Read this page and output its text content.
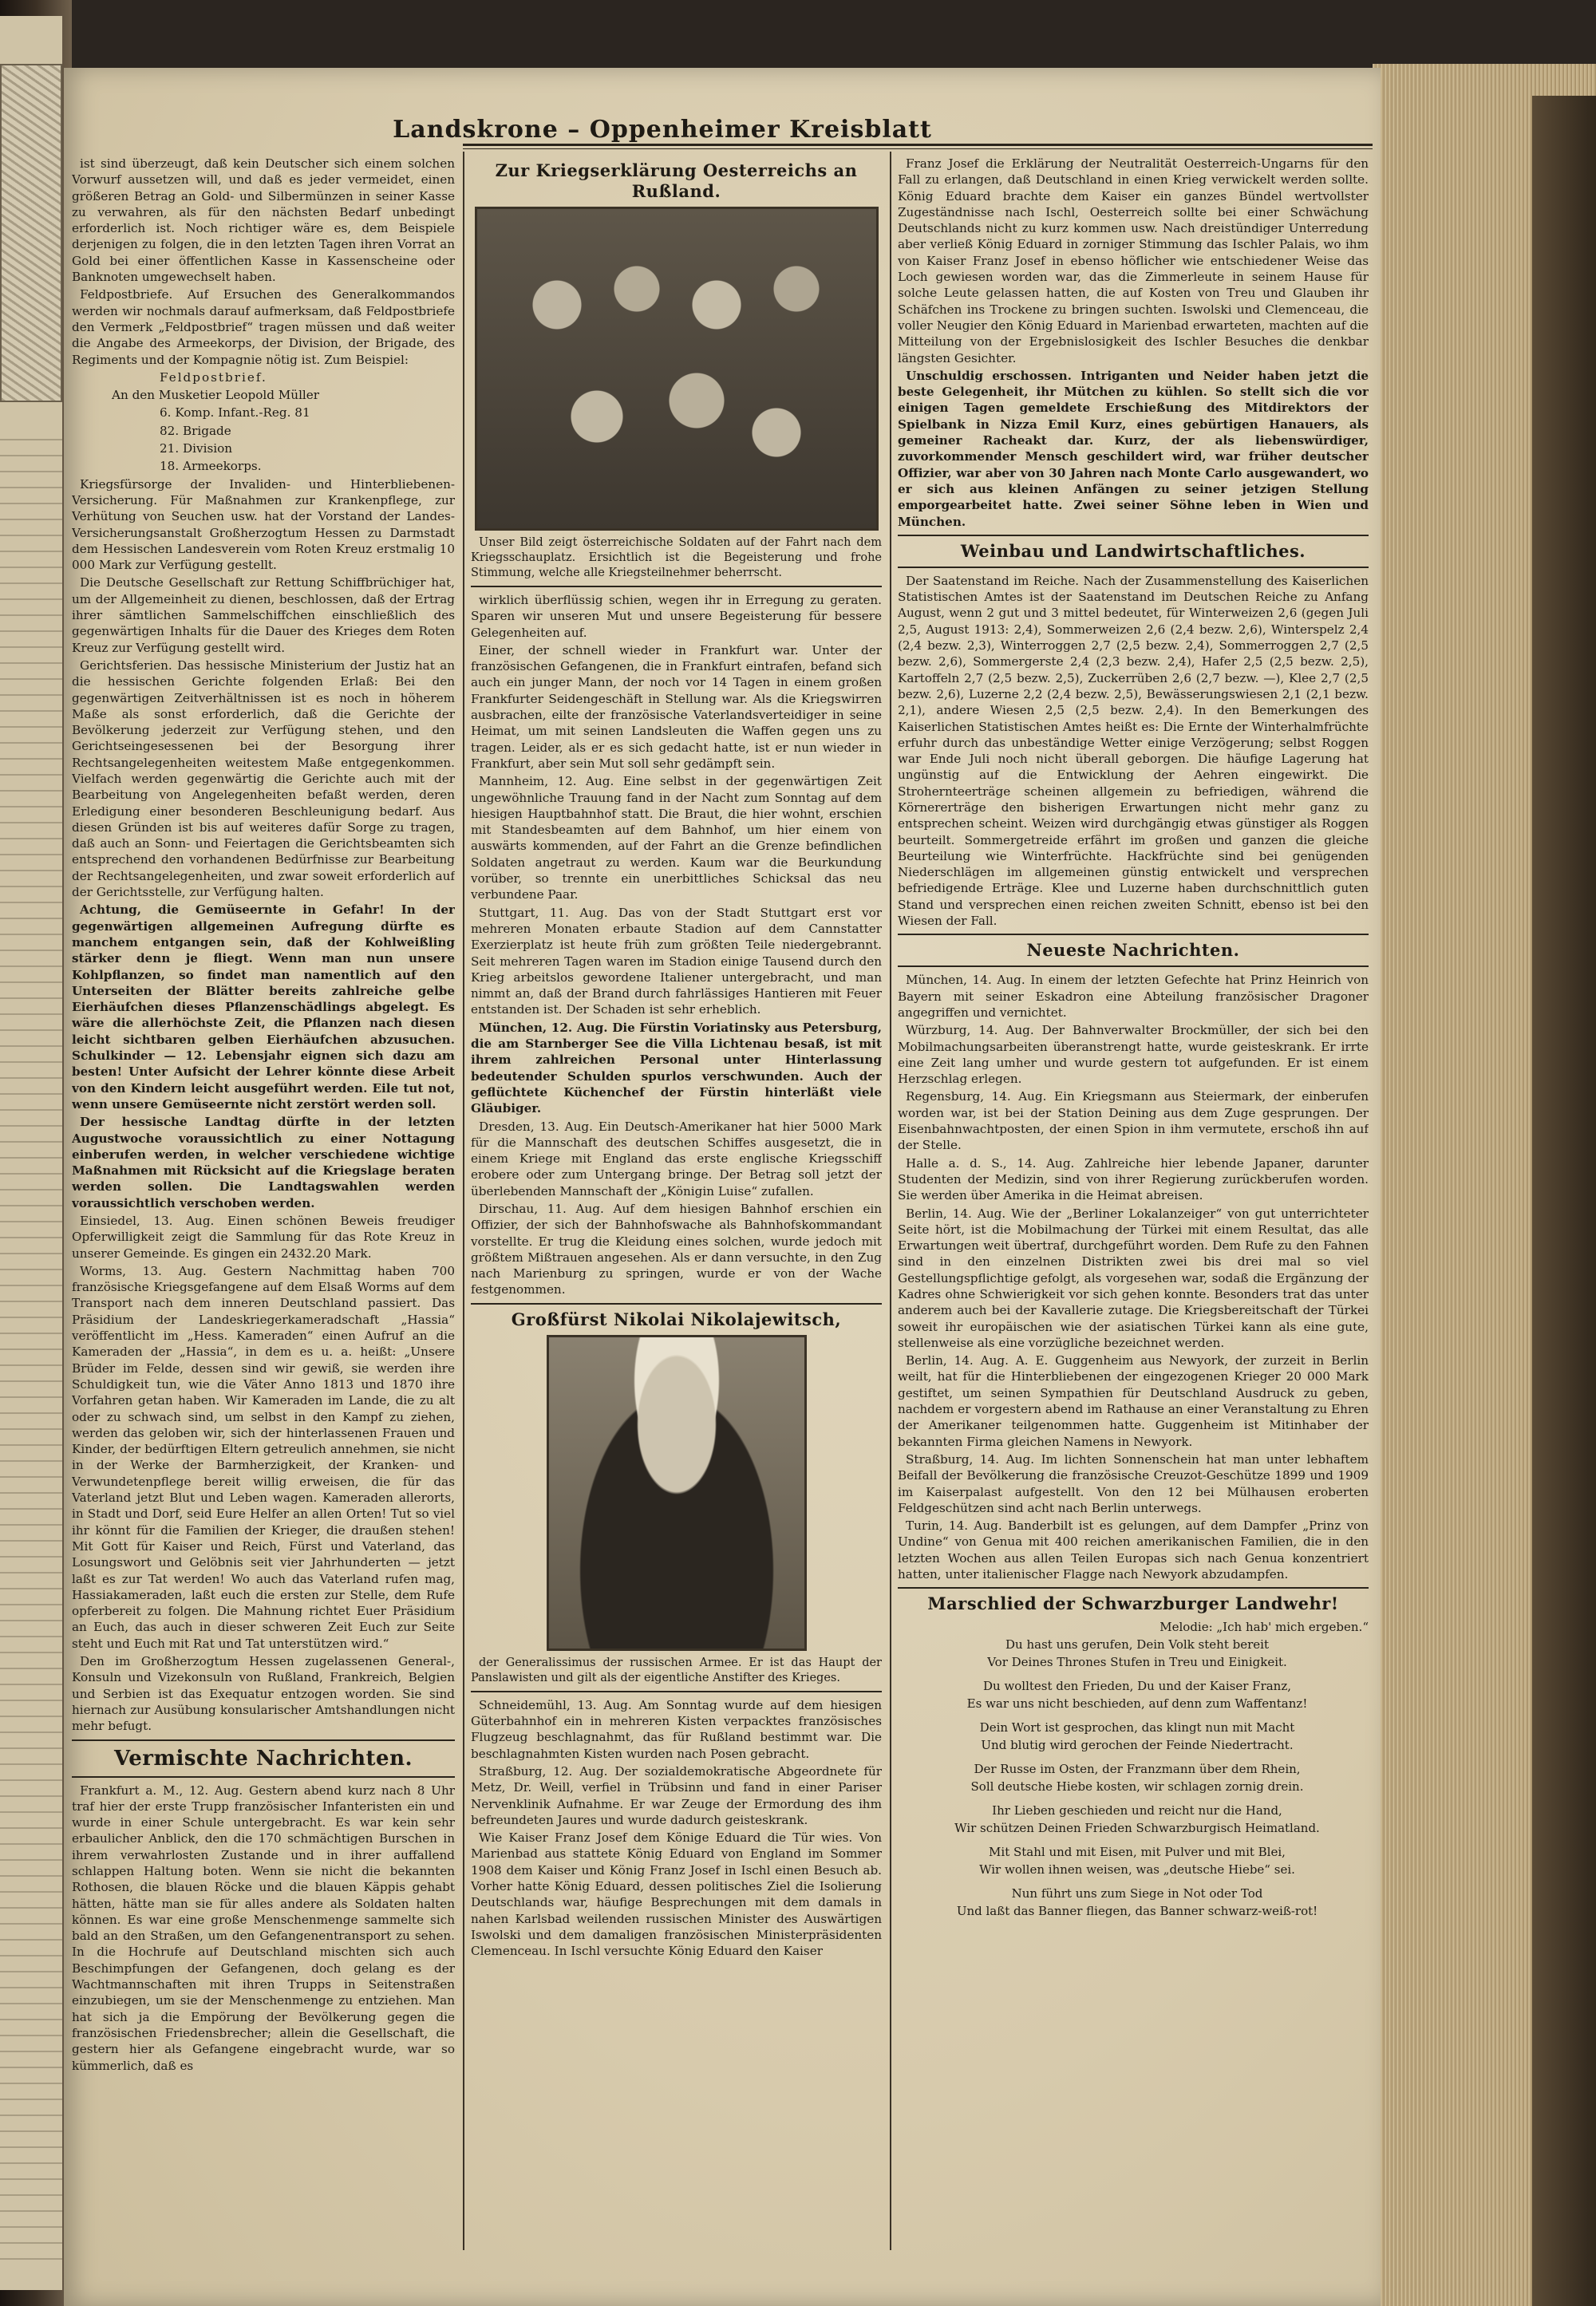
Landskrone – Oppenheimer Kreisblatt

ist sind überzeugt, daß kein Deutscher sich einem solchen Vorwurf aussetzen will, und daß es jeder vermeidet, einen größeren Betrag an Gold- und Silbermünzen in seiner Kasse zu verwahren, als für den nächsten Bedarf unbedingt erforderlich ist. Noch richtiger wäre es, dem Beispiele derjenigen zu folgen, die in den letzten Tagen ihren Vorrat an Gold bei einer öffentlichen Kasse in Kassenscheine oder Banknoten umgewechselt haben.

Feldpostbriefe. Auf Ersuchen des Generalkommandos werden wir nochmals darauf aufmerksam, daß Feldpostbriefe den Vermerk „Feldpostbrief“ tragen müssen und daß weiter die Angabe des Armeekorps, der Division, der Brigade, des Regiments und der Kompagnie nötig ist. Zum Beispiel:

Feldpostbrief.

An den Musketier Leopold Müller

6. Komp. Infant.-Reg. 81

82. Brigade

21. Division

18. Armeekorps.

Kriegsfürsorge der Invaliden- und Hinterbliebenen-Versicherung. Für Maßnahmen zur Krankenpflege, zur Verhütung von Seuchen usw. hat der Vorstand der Landes-Versicherungsanstalt Großherzogtum Hessen zu Darmstadt dem Hessischen Landesverein vom Roten Kreuz erstmalig 10 000 Mark zur Verfügung gestellt.

Die Deutsche Gesellschaft zur Rettung Schiffbrüchiger hat, um der Allgemeinheit zu dienen, beschlossen, daß der Ertrag ihrer sämtlichen Sammelschiffchen einschließlich des gegenwärtigen Inhalts für die Dauer des Krieges dem Roten Kreuz zur Verfügung gestellt wird.

Gerichtsferien. Das hessische Ministerium der Justiz hat an die hessischen Gerichte folgenden Erlaß: Bei den gegenwärtigen Zeitverhältnissen ist es noch in höherem Maße als sonst erforderlich, daß die Gerichte der Bevölkerung jederzeit zur Verfügung stehen, und den Gerichtseingesessenen bei der Besorgung ihrer Rechtsangelegenheiten weitestem Maße entgegenkommen. Vielfach werden gegenwärtig die Gerichte auch mit der Bearbeitung von Angelegenheiten befaßt werden, deren Erledigung einer besonderen Beschleunigung bedarf. Aus diesen Gründen ist bis auf weiteres dafür Sorge zu tragen, daß auch an Sonn- und Feiertagen die Gerichtsbeamten sich entsprechend den vorhandenen Bedürfnisse zur Bearbeitung der Rechtsangelegenheiten, und zwar soweit erforderlich auf der Gerichtsstelle, zur Verfügung halten.

Achtung, die Gemüseernte in Gefahr! In der gegenwärtigen allgemeinen Aufregung dürfte es manchem entgangen sein, daß der Kohlweißling stärker denn je fliegt. Wenn man nun unsere Kohlpflanzen, so findet man namentlich auf den Unterseiten der Blätter bereits zahlreiche gelbe Eierhäufchen dieses Pflanzenschädlings abgelegt. Es wäre die allerhöchste Zeit, die Pflanzen nach diesen leicht sichtbaren gelben Eierhäufchen abzusuchen. Schulkinder — 12. Lebensjahr eignen sich dazu am besten! Unter Aufsicht der Lehrer könnte diese Arbeit von den Kindern leicht ausgeführt werden. Eile tut not, wenn unsere Gemüseernte nicht zerstört werden soll.

Der hessische Landtag dürfte in der letzten Augustwoche voraussichtlich zu einer Nottagung einberufen werden, in welcher verschiedene wichtige Maßnahmen mit Rücksicht auf die Kriegslage beraten werden sollen. Die Landtagswahlen werden voraussichtlich verschoben werden.

Einsiedel, 13. Aug. Einen schönen Beweis freudiger Opferwilligkeit zeigt die Sammlung für das Rote Kreuz in unserer Gemeinde. Es gingen ein 2432.20 Mark.

Worms, 13. Aug. Gestern Nachmittag haben 700 französische Kriegsgefangene auf dem Elsaß Worms auf dem Transport nach dem inneren Deutschland passiert. Das Präsidium der Landeskriegerkameradschaft „Hassia“ veröffentlicht im „Hess. Kameraden“ einen Aufruf an die Kameraden der „Hassia“, in dem es u. a. heißt: „Unsere Brüder im Felde, dessen sind wir gewiß, sie werden ihre Schuldigkeit tun, wie die Väter Anno 1813 und 1870 ihre Vorfahren getan haben. Wir Kameraden im Lande, die zu alt oder zu schwach sind, um selbst in den Kampf zu ziehen, werden das geloben wir, sich der hinterlassenen Frauen und Kinder, der bedürftigen Eltern getreulich annehmen, sie nicht in der Werke der Barmherzigkeit, der Kranken- und Verwundetenpflege bereit willig erweisen, die für das Vaterland jetzt Blut und Leben wagen. Kameraden allerorts, in Stadt und Dorf, seid Eure Helfer an allen Orten! Tut so viel ihr könnt für die Familien der Krieger, die draußen stehen! Mit Gott für Kaiser und Reich, Fürst und Vaterland, das Losungswort und Gelöbnis seit vier Jahrhunderten — jetzt laßt es zur Tat werden! Wo auch das Vaterland rufen mag, Hassiakameraden, laßt euch die ersten zur Stelle, dem Rufe opferbereit zu folgen. Die Mahnung richtet Euer Präsidium an Euch, das auch in dieser schweren Zeit Euch zur Seite steht und Euch mit Rat und Tat unterstützen wird.“

Den im Großherzogtum Hessen zugelassenen General-, Konsuln und Vizekonsuln von Rußland, Frankreich, Belgien und Serbien ist das Exequatur entzogen worden. Sie sind hiernach zur Ausübung konsularischer Amtshandlungen nicht mehr befugt.

Vermischte Nachrichten.

Frankfurt a. M., 12. Aug. Gestern abend kurz nach 8 Uhr traf hier der erste Trupp französischer Infanteristen ein und wurde in einer Schule untergebracht. Es war kein sehr erbaulicher Anblick, den die 170 schmächtigen Burschen in ihrem verwahrlosten Zustande und in ihrer auffallend schlappen Haltung boten. Wenn sie nicht die bekannten Rothosen, die blauen Röcke und die blauen Käppis gehabt hätten, hätte man sie für alles andere als Soldaten halten können. Es war eine große Menschenmenge sammelte sich bald an den Straßen, um den Gefangenentransport zu sehen. In die Hochrufe auf Deutschland mischten sich auch Beschimpfungen der Gefangenen, doch gelang es der Wachtmannschaften mit ihren Trupps in Seitenstraßen einzubiegen, um sie der Menschenmenge zu entziehen. Man hat sich ja die Empörung der Bevölkerung gegen die französischen Friedensbrecher; allein die Gesellschaft, die gestern hier als Gefangene eingebracht wurde, war so kümmerlich, daß es

Zur Kriegserklärung Oesterreichs an Rußland.

Unser Bild zeigt österreichische Soldaten auf der Fahrt nach dem Kriegsschauplatz. Ersichtlich ist die Begeisterung und frohe Stimmung, welche alle Kriegsteilnehmer beherrscht.

wirklich überflüssig schien, wegen ihr in Erregung zu geraten. Sparen wir unseren Mut und unsere Begeisterung für bessere Gelegenheiten auf.

Einer, der schnell wieder in Frankfurt war. Unter der französischen Gefangenen, die in Frankfurt eintrafen, befand sich auch ein junger Mann, der noch vor 14 Tagen in einem großen Frankfurter Seidengeschäft in Stellung war. Als die Kriegswirren ausbrachen, eilte der französische Vaterlandsverteidiger in seine Heimat, um mit seinen Landsleuten die Waffen gegen uns zu tragen. Leider, als er es sich gedacht hatte, ist er nun wieder in Frankfurt, aber sein Mut soll sehr gedämpft sein.

Mannheim, 12. Aug. Eine selbst in der gegenwärtigen Zeit ungewöhnliche Trauung fand in der Nacht zum Sonntag auf dem hiesigen Hauptbahnhof statt. Die Braut, die hier wohnt, erschien mit Standesbeamten auf dem Bahnhof, um hier einem von auswärts kommenden, auf der Fahrt an die Grenze befindlichen Soldaten angetraut zu werden. Kaum war die Beurkundung vorüber, so trennte ein unerbittliches Schicksal das neu verbundene Paar.

Stuttgart, 11. Aug. Das von der Stadt Stuttgart erst vor mehreren Monaten erbaute Stadion auf dem Cannstatter Exerzierplatz ist heute früh zum größten Teile niedergebrannt. Seit mehreren Tagen waren im Stadion einige Tausend durch den Krieg arbeitslos gewordene Italiener untergebracht, und man nimmt an, daß der Brand durch fahrlässiges Hantieren mit Feuer entstanden ist. Der Schaden ist sehr erheblich.

München, 12. Aug. Die Fürstin Voriatinsky aus Petersburg, die am Starnberger See die Villa Lichtenau besaß, ist mit ihrem zahlreichen Personal unter Hinterlassung bedeutender Schulden spurlos verschwunden. Auch der geflüchtete Küchenchef der Fürstin hinterläßt viele Gläubiger.

Dresden, 13. Aug. Ein Deutsch-Amerikaner hat hier 5000 Mark für die Mannschaft des deutschen Schiffes ausgesetzt, die in einem Kriege mit England das erste englische Kriegsschiff erobere oder zum Untergang bringe. Der Betrag soll jetzt der überlebenden Mannschaft der „Königin Luise“ zufallen.

Dirschau, 11. Aug. Auf dem hiesigen Bahnhof erschien ein Offizier, der sich der Bahnhofswache als Bahnhofskommandant vorstellte. Er trug die Kleidung eines solchen, wurde jedoch mit größtem Mißtrauen angesehen. Als er dann versuchte, in den Zug nach Marienburg zu springen, wurde er von der Wache festgenommen.

Großfürst Nikolai Nikolajewitsch,

der Generalissimus der russischen Armee. Er ist das Haupt der Panslawisten und gilt als der eigentliche Anstifter des Krieges.

Schneidemühl, 13. Aug. Am Sonntag wurde auf dem hiesigen Güterbahnhof ein in mehreren Kisten verpacktes französisches Flugzeug beschlagnahmt, das für Rußland bestimmt war. Die beschlagnahmten Kisten wurden nach Posen gebracht.

Straßburg, 12. Aug. Der sozialdemokratische Abgeordnete für Metz, Dr. Weill, verfiel in Trübsinn und fand in einer Pariser Nervenklinik Aufnahme. Er war Zeuge der Ermordung des ihm befreundeten Jaures und wurde dadurch geisteskrank.

Wie Kaiser Franz Josef dem Könige Eduard die Tür wies. Von Marienbad aus stattete König Eduard von England im Sommer 1908 dem Kaiser und König Franz Josef in Ischl einen Besuch ab. Vorher hatte König Eduard, dessen politisches Ziel die Isolierung Deutschlands war, häufige Besprechungen mit dem damals in nahen Karlsbad weilenden russischen Minister des Auswärtigen Iswolski und dem damaligen französischen Ministerpräsidenten Clemenceau. In Ischl versuchte König Eduard den Kaiser

Franz Josef die Erklärung der Neutralität Oesterreich-Ungarns für den Fall zu erlangen, daß Deutschland in einen Krieg verwickelt werden sollte. König Eduard brachte dem Kaiser ein ganzes Bündel wertvollster Zugeständnisse nach Ischl, Oesterreich sollte bei einer Schwächung Deutschlands nicht zu kurz kommen usw. Nach dreistündiger Unterredung aber verließ König Eduard in zorniger Stimmung das Ischler Palais, wo ihm von Kaiser Franz Josef in ebenso höflicher wie entschiedener Weise das Loch gewiesen worden war, das die Zimmerleute in seinem Hause für solche Leute gelassen hatten, die auf Kosten von Treu und Glauben ihr Schäfchen ins Trockene zu bringen suchten. Iswolski und Clemenceau, die voller Neugier den König Eduard in Marienbad erwarteten, machten auf die Mitteilung von der Ergebnislosigkeit des Ischler Besuches die denkbar längsten Gesichter.

Unschuldig erschossen. Intriganten und Neider haben jetzt die beste Gelegenheit, ihr Mütchen zu kühlen. So stellt sich die vor einigen Tagen gemeldete Erschießung des Mitdirektors der Spielbank in Nizza Emil Kurz, eines gebürtigen Hanauers, als gemeiner Racheakt dar. Kurz, der als liebenswürdiger, zuvorkommender Mensch geschildert wird, war früher deutscher Offizier, war aber von 30 Jahren nach Monte Carlo ausgewandert, wo er sich aus kleinen Anfängen zu seiner jetzigen Stellung emporgearbeitet hatte. Zwei seiner Söhne leben in Wien und München.

Weinbau und Landwirtschaftliches.

Der Saatenstand im Reiche. Nach der Zusammenstellung des Kaiserlichen Statistischen Amtes ist der Saatenstand im Deutschen Reiche zu Anfang August, wenn 2 gut und 3 mittel bedeutet, für Winterweizen 2,6 (gegen Juli 2,5, August 1913: 2,4), Sommerweizen 2,6 (2,4 bezw. 2,6), Winterspelz 2,4 (2,4 bezw. 2,3), Winterroggen 2,7 (2,5 bezw. 2,4), Sommerroggen 2,7 (2,5 bezw. 2,6), Sommergerste 2,4 (2,3 bezw. 2,4), Hafer 2,5 (2,5 bezw. 2,5), Kartoffeln 2,7 (2,5 bezw. 2,5), Zuckerrüben 2,6 (2,7 bezw. —), Klee 2,7 (2,5 bezw. 2,6), Luzerne 2,2 (2,4 bezw. 2,5), Bewässerungswiesen 2,1 (2,1 bezw. 2,1), andere Wiesen 2,5 (2,5 bezw. 2,4). In den Bemerkungen des Kaiserlichen Statistischen Amtes heißt es: Die Ernte der Winterhalmfrüchte erfuhr durch das unbeständige Wetter einige Verzögerung; selbst Roggen war Ende Juli noch nicht überall geborgen. Die häufige Lagerung hat ungünstig auf die Entwicklung der Aehren eingewirkt. Die Strohernteerträge scheinen allgemein zu befriedigen, während die Körnererträge den bisherigen Erwartungen nicht mehr ganz zu entsprechen scheint. Weizen wird durchgängig etwas günstiger als Roggen beurteilt. Sommergetreide erfährt im großen und ganzen die gleiche Beurteilung wie Winterfrüchte. Hackfrüchte sind bei genügenden Niederschlägen im allgemeinen günstig entwickelt und versprechen befriedigende Erträge. Klee und Luzerne haben durchschnittlich guten Stand und versprechen einen reichen zweiten Schnitt, ebenso ist bei den Wiesen der Fall.

Neueste Nachrichten.

München, 14. Aug. In einem der letzten Gefechte hat Prinz Heinrich von Bayern mit seiner Eskadron eine Abteilung französischer Dragoner angegriffen und vernichtet.

Würzburg, 14. Aug. Der Bahnverwalter Brockmüller, der sich bei den Mobilmachungsarbeiten überanstrengt hatte, wurde geisteskrank. Er irrte eine Zeit lang umher und wurde gestern tot aufgefunden. Er ist einem Herzschlag erlegen.

Regensburg, 14. Aug. Ein Kriegsmann aus Steiermark, der einberufen worden war, ist bei der Station Deining aus dem Zuge gesprungen. Der Eisenbahnwachtposten, der einen Spion in ihm vermutete, erschoß ihn auf der Stelle.

Halle a. d. S., 14. Aug. Zahlreiche hier lebende Japaner, darunter Studenten der Medizin, sind von ihrer Regierung zurückberufen worden. Sie werden über Amerika in die Heimat abreisen.

Berlin, 14. Aug. Wie der „Berliner Lokalanzeiger“ von gut unterrichteter Seite hört, ist die Mobilmachung der Türkei mit einem Resultat, das alle Erwartungen weit übertraf, durchgeführt worden. Dem Rufe zu den Fahnen sind in den einzelnen Distrikten zwei bis drei mal so viel Gestellungspflichtige gefolgt, als vorgesehen war, sodaß die Ergänzung der Kadres ohne Schwierigkeit vor sich gehen konnte. Besonders trat das unter anderem auch bei der Kavallerie zutage. Die Kriegsbereitschaft der Türkei soweit ihr europäischen wie der asiatischen Türkei kann als eine gute, stellenweise als eine vorzügliche bezeichnet werden.

Berlin, 14. Aug. A. E. Guggenheim aus Newyork, der zurzeit in Berlin weilt, hat für die Hinterbliebenen der eingezogenen Krieger 20 000 Mark gestiftet, um seinen Sympathien für Deutschland Ausdruck zu geben, nachdem er vorgestern abend im Rathause an einer Veranstaltung zu Ehren der Amerikaner teilgenommen hatte. Guggenheim ist Mitinhaber der bekannten Firma gleichen Namens in Newyork.

Straßburg, 14. Aug. Im lichten Sonnenschein hat man unter lebhaftem Beifall der Bevölkerung die französische Creuzot-Geschütze 1899 und 1909 im Kaiserpalast aufgestellt. Von den 12 bei Mülhausen eroberten Feldgeschützen sind acht nach Berlin unterwegs.

Turin, 14. Aug. Banderbilt ist es gelungen, auf dem Dampfer „Prinz von Undine“ von Genua mit 400 reichen amerikanischen Familien, die in den letzten Wochen aus allen Teilen Europas sich nach Genua konzentriert hatten, unter italienischer Flagge nach Newyork abzudampfen.

Marschlied der Schwarzburger Landwehr!

Melodie: „Ich hab' mich ergeben.“

Du hast uns gerufen, Dein Volk steht bereit

Vor Deines Thrones Stufen in Treu und Einigkeit.

Du wolltest den Frieden, Du und der Kaiser Franz,

Es war uns nicht beschieden, auf denn zum Waffentanz!

Dein Wort ist gesprochen, das klingt nun mit Macht

Und blutig wird gerochen der Feinde Niedertracht.

Der Russe im Osten, der Franzmann über dem Rhein,

Soll deutsche Hiebe kosten, wir schlagen zornig drein.

Ihr Lieben geschieden und reicht nur die Hand,

Wir schützen Deinen Frieden Schwarzburgisch Heimatland.

Mit Stahl und mit Eisen, mit Pulver und mit Blei,

Wir wollen ihnen weisen, was „deutsche Hiebe“ sei.

Nun führt uns zum Siege in Not oder Tod

Und laßt das Banner fliegen, das Banner schwarz-weiß-rot!
